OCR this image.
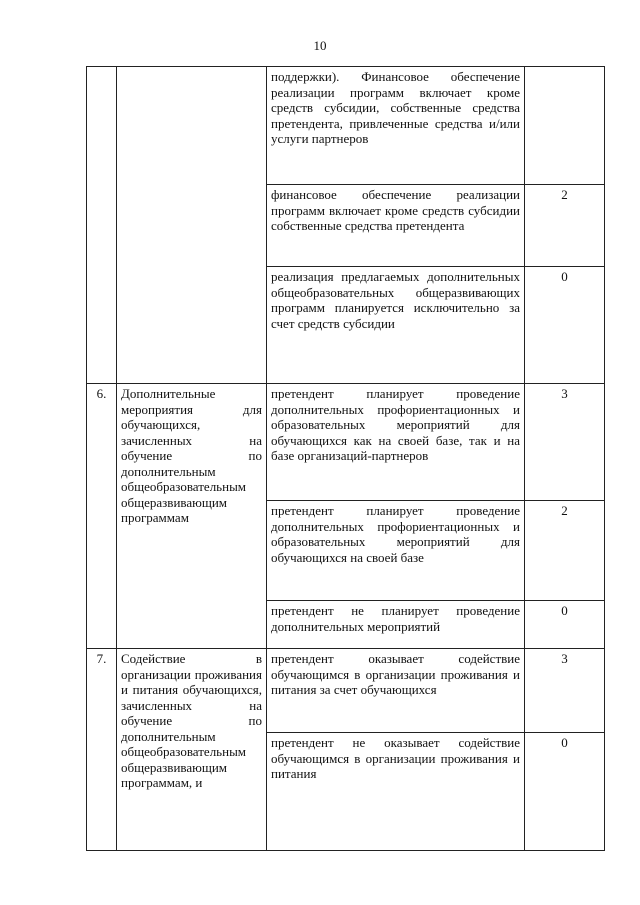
10

		поддержки). Финансовое обеспечение реализации программ включает кроме средств субсидии, собственные средства претендента, привлеченные средства и/или услуги партнеров	

		финансовое обеспечение реализации программ включает кроме средств субсидии собственные средства претендента	2

		реализация предлагаемых дополнительных общеобразовательных общеразвивающих программ планируется исключительно за счет средств субсидии	0
6.	Дополнительные мероприятия для обучающихся, зачисленных на обучение по дополнительным общеобразовательным общеразвивающим программам	претендент планирует проведение дополнительных профориентационных и образовательных мероприятий для обучающихся как на своей базе, так и на базе организаций-партнеров	3

		претендент планирует проведение дополнительных профориентационных и образовательных мероприятий для обучающихся на своей базе	2

		претендент не планирует проведение дополнительных мероприятий	0
7.	Содействие в организации проживания и питания обучающихся, зачисленных на обучение по дополнительным общеобразовательным общеразвивающим программам, и	претендент оказывает содействие обучающимся в организации проживания и питания за счет обучающихся	3

		претендент не оказывает содействие обучающимся в организации проживания и питания	0
